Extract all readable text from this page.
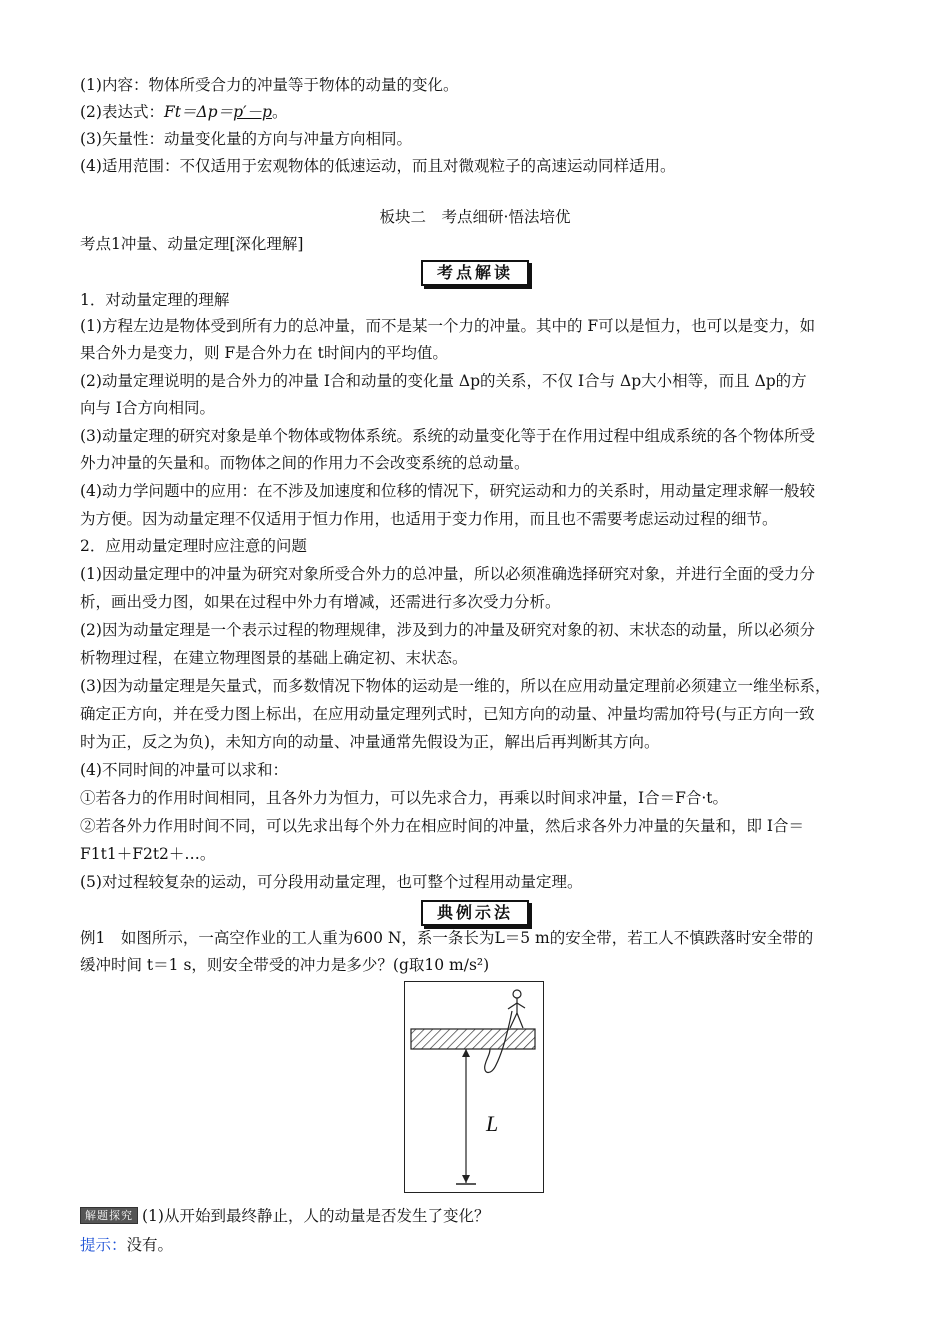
(1)内容：物体所受合力的冲量等于物体的动量的变化。
(2)表达式：Ft＝Δp＝p′－p。
(3)矢量性：动量变化量的方向与冲量方向相同。
(4)适用范围：不仅适用于宏观物体的低速运动，而且对微观粒子的高速运动同样适用。
板块二　考点细研·悟法培优
考点1冲量、动量定理[深化理解]
考点解读
1．对动量定理的理解
(1)方程左边是物体受到所有力的总冲量，而不是某一个力的冲量。其中的 F可以是恒力，也可以是变力，如
果合外力是变力，则 F是合外力在 t时间内的平均值。
(2)动量定理说明的是合外力的冲量 I合和动量的变化量 Δp的关系，不仅 I合与 Δp大小相等，而且 Δp的方
向与 I合方向相同。
(3)动量定理的研究对象是单个物体或物体系统。系统的动量变化等于在作用过程中组成系统的各个物体所受
外力冲量的矢量和。而物体之间的作用力不会改变系统的总动量。
(4)动力学问题中的应用：在不涉及加速度和位移的情况下，研究运动和力的关系时，用动量定理求解一般较
为方便。因为动量定理不仅适用于恒力作用，也适用于变力作用，而且也不需要考虑运动过程的细节。
2．应用动量定理时应注意的问题
(1)因动量定理中的冲量为研究对象所受合外力的总冲量，所以必须准确选择研究对象，并进行全面的受力分
析，画出受力图，如果在过程中外力有增减，还需进行多次受力分析。
(2)因为动量定理是一个表示过程的物理规律，涉及到力的冲量及研究对象的初、末状态的动量，所以必须分
析物理过程，在建立物理图景的基础上确定初、末状态。
(3)因为动量定理是矢量式，而多数情况下物体的运动是一维的，所以在应用动量定理前必须建立一维坐标系，
确定正方向，并在受力图上标出，在应用动量定理列式时，已知方向的动量、冲量均需加符号(与正方向一致
时为正，反之为负)，未知方向的动量、冲量通常先假设为正，解出后再判断其方向。
(4)不同时间的冲量可以求和：
①若各力的作用时间相同，且各外力为恒力，可以先求合力，再乘以时间求冲量，I合＝F合·t。
②若各外力作用时间不同，可以先求出每个外力在相应时间的冲量，然后求各外力冲量的矢量和，即 I合＝
F1t1＋F2t2＋…。
(5)对过程较复杂的运动，可分段用动量定理，也可整个过程用动量定理。
典例示法
例1　如图所示，一高空作业的工人重为600 N，系一条长为L＝5 m的安全带，若工人不慎跌落时安全带的
缓冲时间 t＝1 s，则安全带受的冲力是多少？(g取10 m/s²)
L
解题探究 (1)从开始到最终静止，人的动量是否发生了变化？
提示：没有。
